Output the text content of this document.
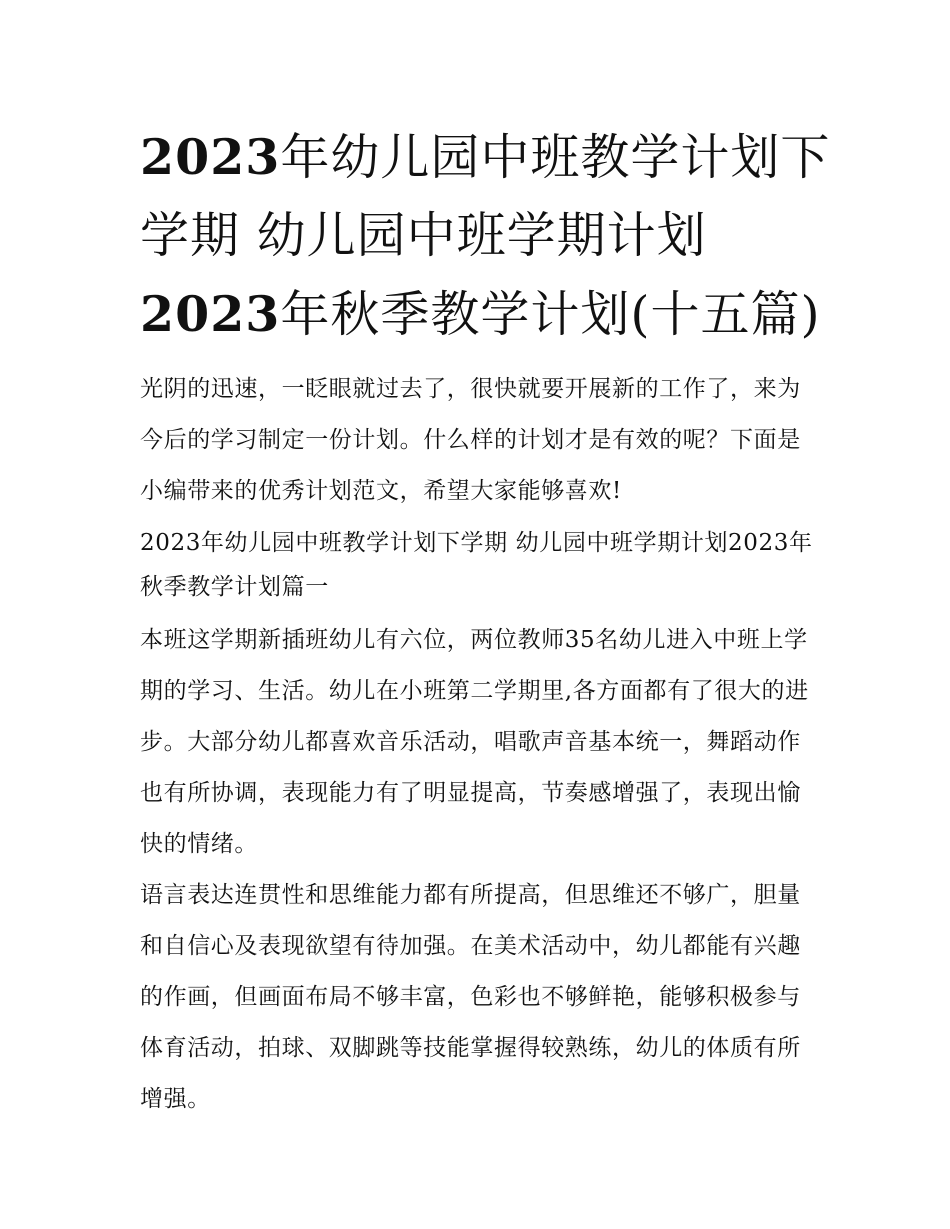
2023年幼儿园中班教学计划下
学期 幼儿园中班学期计划
2023年秋季教学计划(十五篇)

光阴的迅速，一眨眼就过去了，很快就要开展新的工作了，来为今后的学习制定一份计划。什么样的计划才是有效的呢？下面是小编带来的优秀计划范文，希望大家能够喜欢!

2023年幼儿园中班教学计划下学期 幼儿园中班学期计划2023年秋季教学计划篇一

本班这学期新插班幼儿有六位，两位教师35名幼儿进入中班上学期的学习、生活。幼儿在小班第二学期里,各方面都有了很大的进步。大部分幼儿都喜欢音乐活动，唱歌声音基本统一，舞蹈动作也有所协调，表现能力有了明显提高，节奏感增强了，表现出愉快的情绪。

语言表达连贯性和思维能力都有所提高，但思维还不够广，胆量和自信心及表现欲望有待加强。在美术活动中，幼儿都能有兴趣的作画，但画面布局不够丰富，色彩也不够鲜艳，能够积极参与体育活动，拍球、双脚跳等技能掌握得较熟练，幼儿的体质有所增强。
